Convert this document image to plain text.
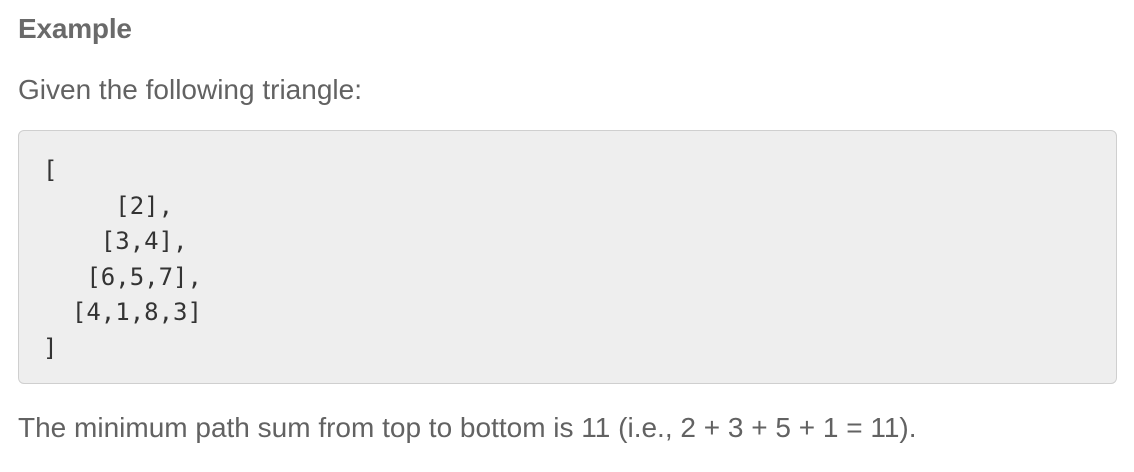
Example

Given the following triangle:

[
[2],
[3,4],
[6,5,7],
[4,1,8,3]
]

The minimum path sum from top to bottom is 11 (i.e., 2 + 3 + 5 + 1 = 11).
